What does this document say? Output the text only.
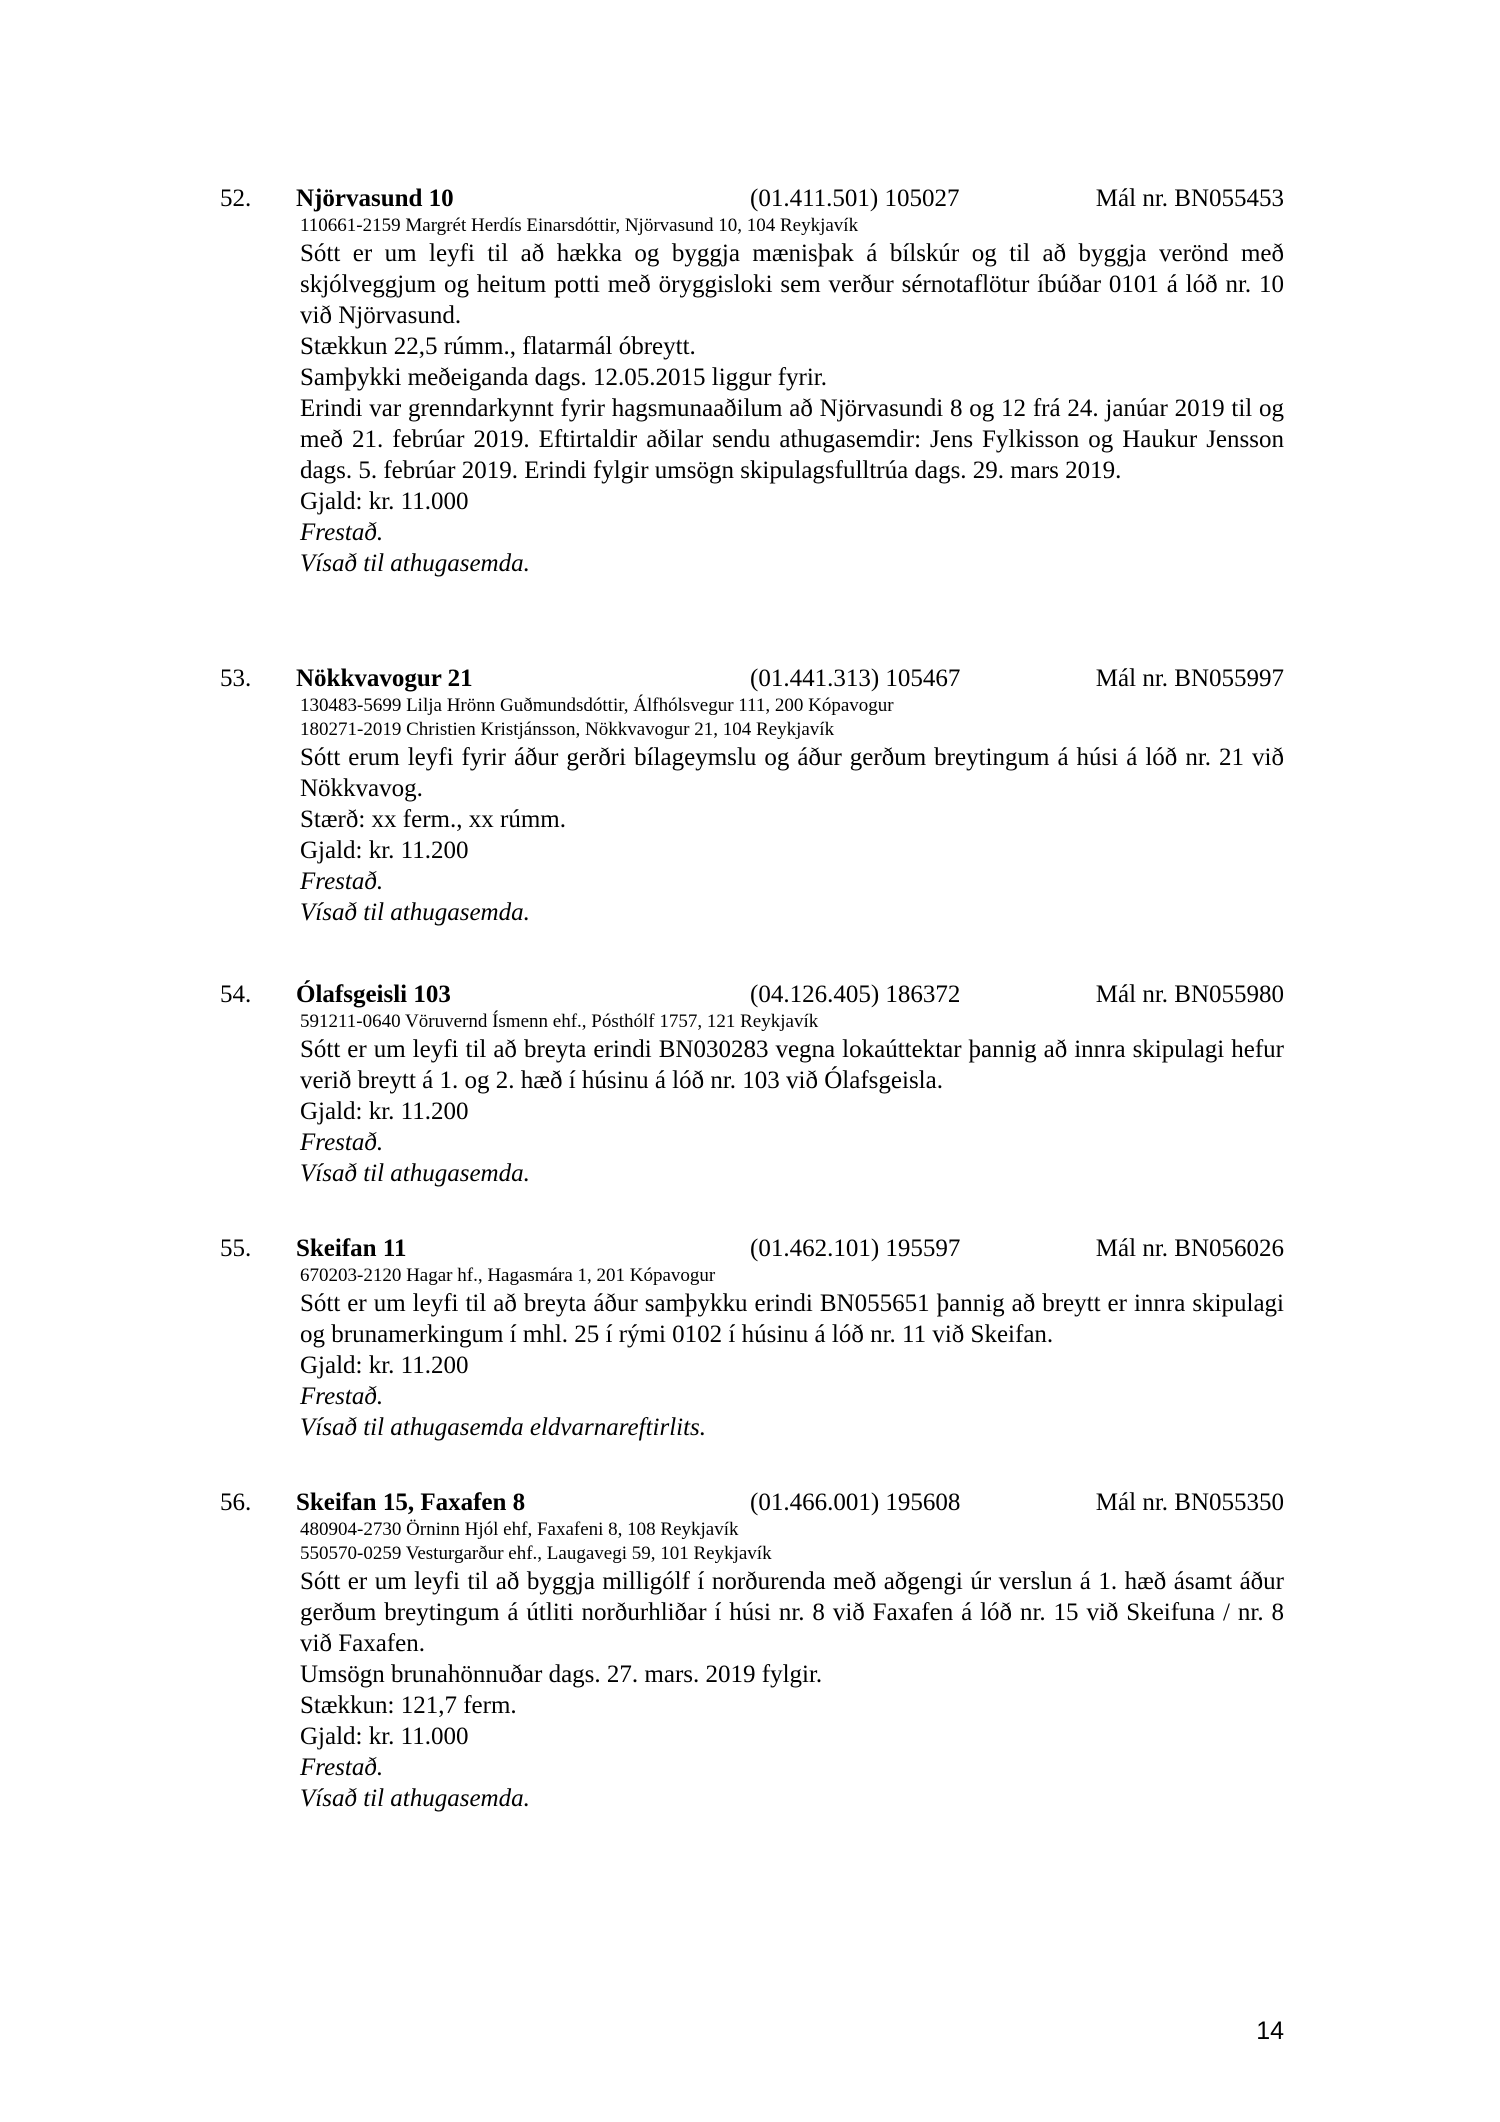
52. Njörvasund 10	(01.411.501) 105027	Mál nr. BN055453

110661-2159 Margrét Herdís Einarsdóttir, Njörvasund 10, 104 Reykjavík

Sótt er um leyfi til að hækka og byggja mænisþak á bílskúr og til að byggja verönd með skjólveggjum og heitum potti með öryggisloki sem verður sérnotaflötur íbúðar 0101 á lóð nr. 10 við Njörvasund.

Stækkun 22,5 rúmm., flatarmál óbreytt.

Samþykki meðeiganda dags. 12.05.2015 liggur fyrir.

Erindi var grenndarkynnt fyrir hagsmunaaðilum að Njörvasundi 8 og 12 frá 24. janúar 2019 til og með 21. febrúar 2019. Eftirtaldir aðilar sendu athugasemdir: Jens Fylkisson og Haukur Jensson dags. 5. febrúar 2019. Erindi fylgir umsögn skipulagsfulltrúa dags. 29. mars 2019.

Gjald: kr. 11.000

Frestað.

Vísað til athugasemda.

53. Nökkvavogur 21	(01.441.313) 105467	Mál nr. BN055997

130483-5699 Lilja Hrönn Guðmundsdóttir, Álfhólsvegur 111, 200 Kópavogur

180271-2019 Christien Kristjánsson, Nökkvavogur 21, 104 Reykjavík

Sótt erum leyfi fyrir áður gerðri bílageymslu og áður gerðum breytingum á húsi á lóð nr. 21 við Nökkvavog.

Stærð: xx ferm., xx rúmm.

Gjald: kr. 11.200

Frestað.

Vísað til athugasemda.

54. Ólafsgeisli 103	(04.126.405) 186372	Mál nr. BN055980

591211-0640 Vöruvernd Ísmenn ehf., Pósthólf 1757, 121 Reykjavík

Sótt er um leyfi til að breyta erindi BN030283 vegna lokaúttektar þannig að innra skipulagi hefur verið breytt á 1. og 2. hæð í húsinu á lóð nr. 103 við Ólafsgeisla.

Gjald: kr. 11.200

Frestað.

Vísað til athugasemda.

55. Skeifan 11	(01.462.101) 195597	Mál nr. BN056026

670203-2120 Hagar hf., Hagasmára 1, 201 Kópavogur

Sótt er um leyfi til að breyta áður samþykku erindi BN055651 þannig að breytt er innra skipulagi og brunamerkingum í mhl. 25 í rými 0102 í húsinu á lóð nr. 11 við Skeifan.

Gjald: kr. 11.200

Frestað.

Vísað til athugasemda eldvarnareftirlits.

56. Skeifan 15, Faxafen 8	(01.466.001) 195608	Mál nr. BN055350

480904-2730 Örninn Hjól ehf, Faxafeni 8, 108 Reykjavík

550570-0259 Vesturgarður ehf., Laugavegi 59, 101 Reykjavík

Sótt er um leyfi til að byggja milligólf í norðurenda með aðgengi úr verslun á 1. hæð ásamt áður gerðum breytingum á útliti norðurhliðar í húsi nr. 8 við Faxafen á lóð nr. 15 við Skeifuna / nr. 8 við Faxafen.

Umsögn brunahönnuðar dags. 27. mars. 2019 fylgir.

Stækkun: 121,7 ferm.

Gjald: kr. 11.000

Frestað.

Vísað til athugasemda.

14
